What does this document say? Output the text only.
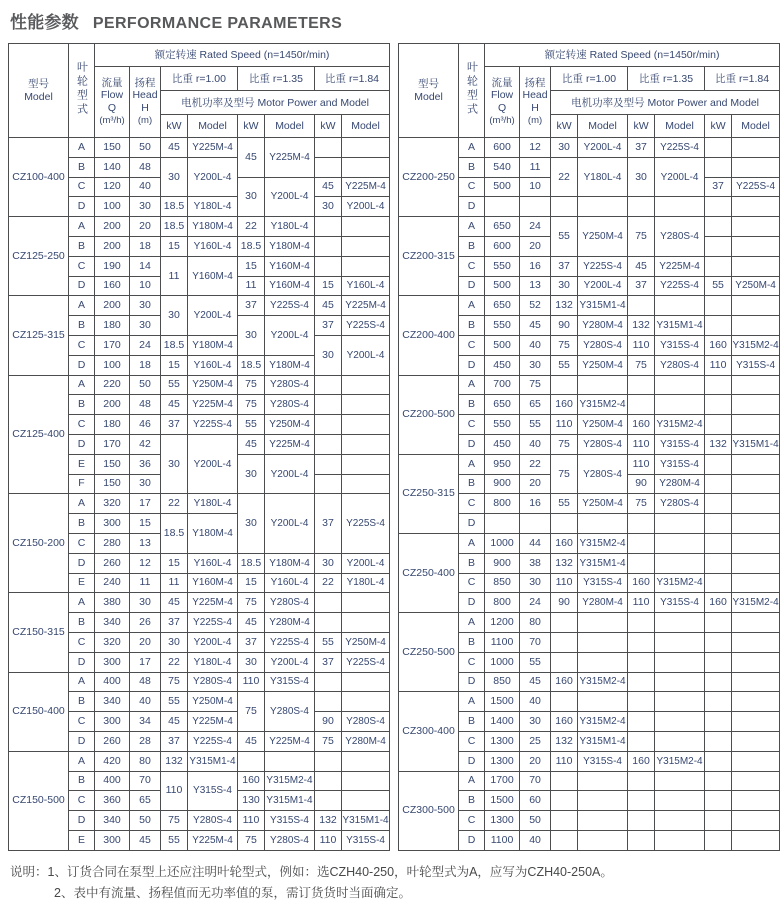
性能参数 PERFORMANCE PARAMETERS
型号
Model	叶轮型式	额定转速 Rated Speed (n=1450r/min)							
		流量
Flow
Q
(m³/h)	扬程
Head
H
(m)	比重 r=1.00		比重 r=1.35		比重 r=1.84	
				电机功率及型号 Motor Power and Model					
				kW	Model	kW	Model	kW	Model
CZ100-400	A	150	50	45	Y225M-4	45	Y225M-4		
	B	140	48	30	Y200L-4				
	C	120	40			30	Y200L-4	45	Y225M-4
	D	100	30	18.5	Y180L-4			30	Y200L-4
CZ125-250	A	200	20	18.5	Y180M-4	22	Y180L-4		
	B	200	18	15	Y160L-4	18.5	Y180M-4		
	C	190	14	11	Y160M-4	15	Y160M-4		
	D	160	10			11	Y160M-4	15	Y160L-4
CZ125-315	A	200	30	30	Y200L-4	37	Y225S-4	45	Y225M-4
	B	180	30			30	Y200L-4	37	Y225S-4
	C	170	24	18.5	Y180M-4			30	Y200L-4
	D	100	18	15	Y160L-4	18.5	Y180M-4		
CZ125-400	A	220	50	55	Y250M-4	75	Y280S-4		
	B	200	48	45	Y225M-4	75	Y280S-4		
	C	180	46	37	Y225S-4	55	Y250M-4		
	D	170	42	30	Y200L-4	45	Y225M-4		
	E	150	36			30	Y200L-4		
	F	150	30						
CZ150-200	A	320	17	22	Y180L-4	30	Y200L-4	37	Y225S-4
	B	300	15	18.5	Y180M-4				
	C	280	13						
	D	260	12	15	Y160L-4	18.5	Y180M-4	30	Y200L-4
	E	240	11	11	Y160M-4	15	Y160L-4	22	Y180L-4
CZ150-315	A	380	30	45	Y225M-4	75	Y280S-4		
	B	340	26	37	Y225S-4	45	Y280M-4		
	C	320	20	30	Y200L-4	37	Y225S-4	55	Y250M-4
	D	300	17	22	Y180L-4	30	Y200L-4	37	Y225S-4
CZ150-400	A	400	48	75	Y280S-4	110	Y315S-4		
	B	340	40	55	Y250M-4	75	Y280S-4		
	C	300	34	45	Y225M-4			90	Y280S-4
	D	260	28	37	Y225S-4	45	Y225M-4	75	Y280M-4
CZ150-500	A	420	80	132	Y315M1-4				
	B	400	70	110	Y315S-4	160	Y315M2-4		
	C	360	65			130	Y315M1-4		
	D	340	50	75	Y280S-4	110	Y315S-4	132	Y315M1-4
	E	300	45	55	Y225M-4	75	Y280S-4	110	Y315S-4
型号
Model	叶轮型式	额定转速 Rated Speed (n=1450r/min)							
		流量
Flow
Q
(m³/h)	扬程
Head
H
(m)	比重 r=1.00		比重 r=1.35		比重 r=1.84	
				电机功率及型号 Motor Power and Model					
				kW	Model	kW	Model	kW	Model
CZ200-250	A	600	12	30	Y200L-4	37	Y225S-4		
	B	540	11	22	Y180L-4	30	Y200L-4		
	C	500	10					37	Y225S-4
	D								
CZ200-315	A	650	24	55	Y250M-4	75	Y280S-4		
	B	600	20						
	C	550	16	37	Y225S-4	45	Y225M-4		
	D	500	13	30	Y200L-4	37	Y225S-4	55	Y250M-4
CZ200-400	A	650	52	132	Y315M1-4				
	B	550	45	90	Y280M-4	132	Y315M1-4		
	C	500	40	75	Y280S-4	110	Y315S-4	160	Y315M2-4
	D	450	30	55	Y250M-4	75	Y280S-4	110	Y315S-4
CZ200-500	A	700	75						
	B	650	65	160	Y315M2-4				
	C	550	55	110	Y250M-4	160	Y315M2-4		
	D	450	40	75	Y280S-4	110	Y315S-4	132	Y315M1-4
CZ250-315	A	950	22	75	Y280S-4	110	Y315S-4		
	B	900	20			90	Y280M-4		
	C	800	16	55	Y250M-4	75	Y280S-4		
	D								
CZ250-400	A	1000	44	160	Y315M2-4				
	B	900	38	132	Y315M1-4				
	C	850	30	110	Y315S-4	160	Y315M2-4		
	D	800	24	90	Y280M-4	110	Y315S-4	160	Y315M2-4
CZ250-500	A	1200	80						
	B	1100	70						
	C	1000	55						
	D	850	45	160	Y315M2-4				
CZ300-400	A	1500	40						
	B	1400	30	160	Y315M2-4				
	C	1300	25	132	Y315M1-4				
	D	1300	20	110	Y315S-4	160	Y315M2-4		
CZ300-500	A	1700	70						
	B	1500	60						
	C	1300	50						
	D	1100	40						
说明：1、订货合同在泵型上还应注明叶轮型式，例如：选CZH40-250，叶轮型式为A，应写为CZH40-250A。
2、表中有流量、扬程值而无功率值的泵，需订货货时当面确定。
